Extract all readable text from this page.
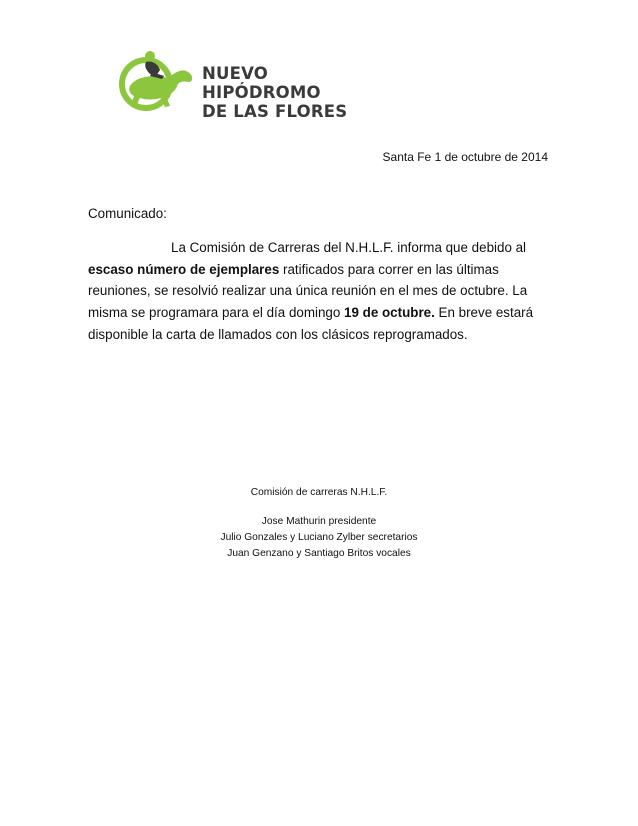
NUEVO HIPÓDROMO
DE LAS FLORES
Santa Fe 1 de octubre de 2014
Comunicado:

La Comisión de Carreras del N.H.L.F. informa que debido al escaso número de ejemplares ratificados para correr en las últimas reuniones, se resolvió realizar una única reunión en el mes de octubre. La misma se programara para el día domingo 19 de octubre. En breve estará disponible la carta de llamados con los clásicos reprogramados.

Comisión de carreras N.H.L.F.
Jose Mathurin presidente
Julio Gonzales y Luciano Zylber secretarios
Juan Genzano y Santiago Britos vocales
